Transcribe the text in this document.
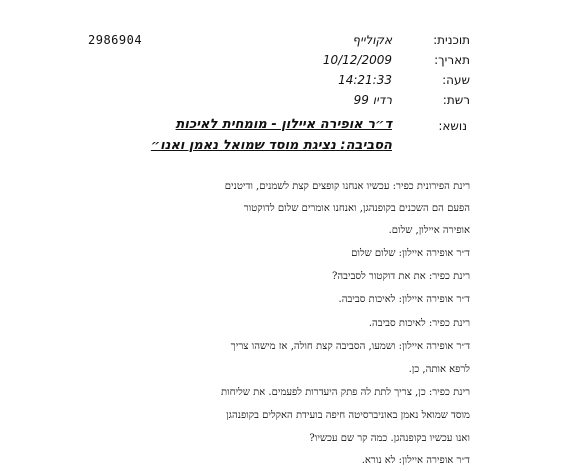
2986904	תוכנית:
אקולייף
תאריך:
10/12/2009
שעה:
14:21:33
רשת:
רדיו 99
נושא:
ד״ר אופירה איילון - מומחית לאיכות
הסביבה: נציגת מוסד שמואל נאמן ואנו״
רינת הפירונית כפיר: עכשיו אנחנו קופצים קצת לשמנים, ודיטנים
הפעם הם השכנים בקופנהגן, ואנחנו אומרים שלום לדוקטור
אופירה איילון, שלום.
ד״ר אופירה איילון: שלום שלום
רינת כפיר: את את דוקטור לסביבה?
ד״ר אופירה איילון: לאיכות סביבה.
רינת כפיר: לאיכות סביבה.
ד״ר אופירה איילון: ושמעו, הסביבה קצת חולה, אז מישהו צריך
לרפא אותה, כן.
רינת כפיר: כן, צריך לתת לה פתק היעדרות לפעמים. את שליחות
מוסד שמואל נאמן באוניברסיטה חיפה בועידת האקלים בקופנהגן
ואנו עכשיו בקופנהגן. כמה קר שם עכשיו?
ד״ר אופירה איילון: לא נורא.
